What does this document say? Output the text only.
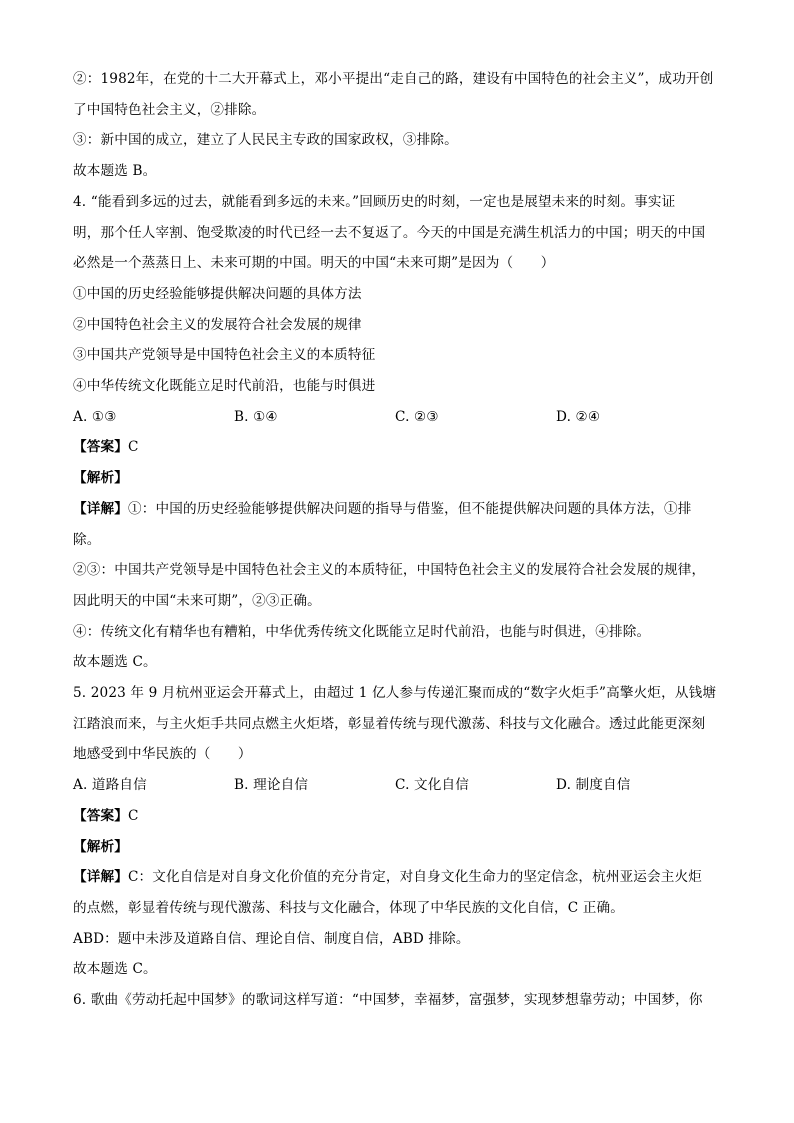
②：1982年，在党的十二大开幕式上，邓小平提出“走自己的路，建设有中国特色的社会主义”，成功开创

了中国特色社会主义，②排除。

③：新中国的成立，建立了人民民主专政的国家政权，③排除。

故本题选 B。

4. “能看到多远的过去，就能看到多远的未来。”回顾历史的时刻，一定也是展望未来的时刻。事实证

明，那个任人宰割、饱受欺凌的时代已经一去不复返了。今天的中国是充满生机活力的中国；明天的中国

必然是一个蒸蒸日上、未来可期的中国。明天的中国“未来可期”是因为（　　）

①中国的历史经验能够提供解决问题的具体方法

②中国特色社会主义的发展符合社会发展的规律

③中国共产党领导是中国特色社会主义的本质特征

④中华传统文化既能立足时代前沿，也能与时俱进

A. ①③	B. ①④	C. ②③	D. ②④

【答案】C

【解析】

【详解】①：中国的历史经验能够提供解决问题的指导与借鉴，但不能提供解决问题的具体方法，①排

除。

②③：中国共产党领导是中国特色社会主义的本质特征，中国特色社会主义的发展符合社会发展的规律，

因此明天的中国“未来可期”，②③正确。

④：传统文化有精华也有糟粕，中华优秀传统文化既能立足时代前沿，也能与时俱进，④排除。

故本题选 C。

5. 2023 年 9 月杭州亚运会开幕式上，由超过 1 亿人参与传递汇聚而成的“数字火炬手”高擎火炬，从钱塘

江踏浪而来，与主火炬手共同点燃主火炬塔，彰显着传统与现代激荡、科技与文化融合。透过此能更深刻

地感受到中华民族的（　　）

A. 道路自信	B. 理论自信	C. 文化自信	D. 制度自信

【答案】C

【解析】

【详解】C：文化自信是对自身文化价值的充分肯定，对自身文化生命力的坚定信念，杭州亚运会主火炬

的点燃，彰显着传统与现代激荡、科技与文化融合，体现了中华民族的文化自信，C 正确。

ABD：题中未涉及道路自信、理论自信、制度自信，ABD 排除。

故本题选 C。

6. 歌曲《劳动托起中国梦》的歌词这样写道：“中国梦，幸福梦，富强梦，实现梦想靠劳动；中国梦，你
